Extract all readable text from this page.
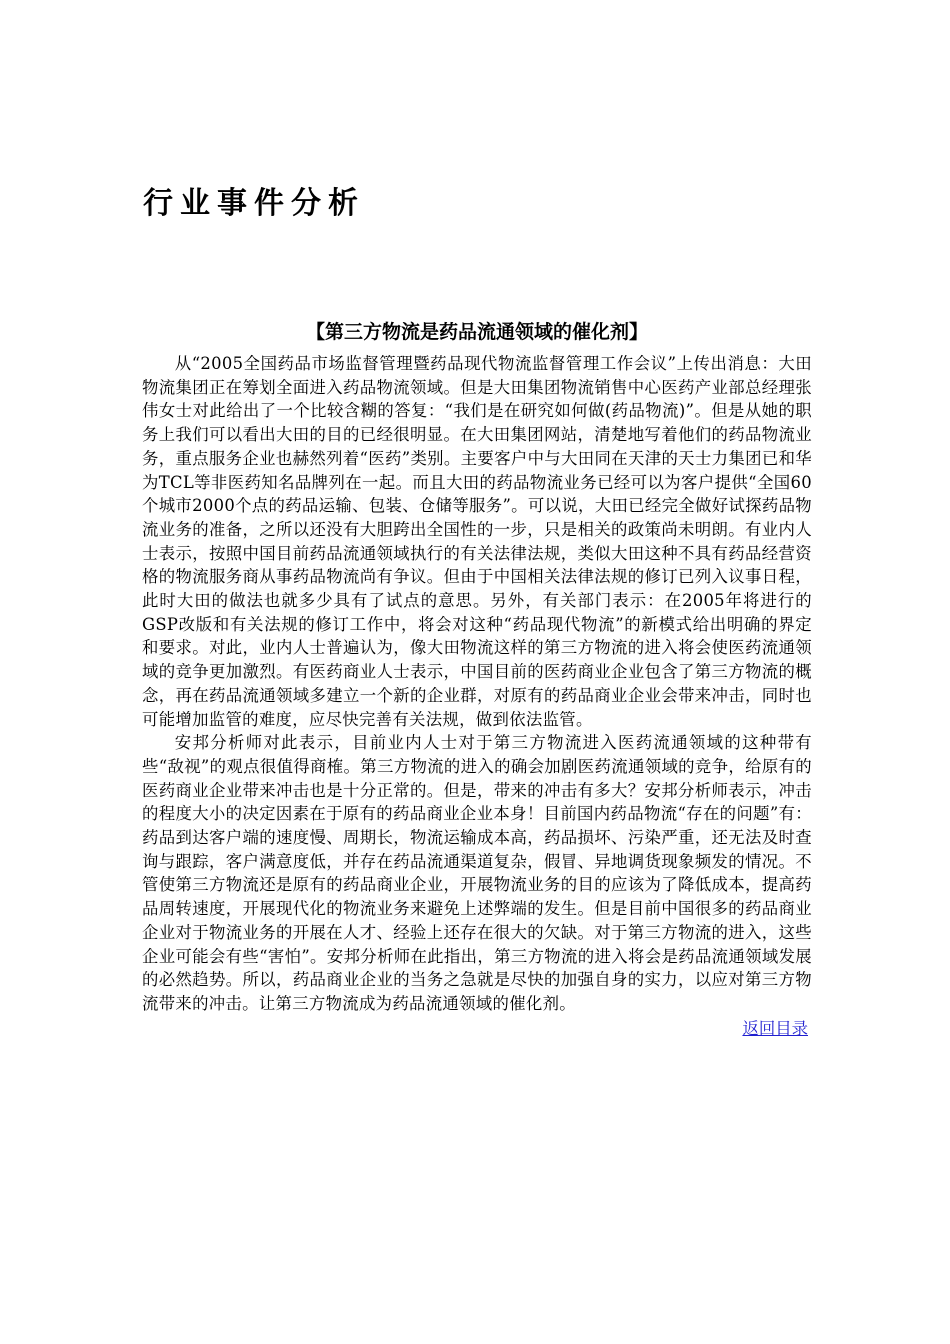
行业事件分析
【第三方物流是药品流通领域的催化剂】

从“2005全国药品市场监督管理暨药品现代物流监督管理工作会议”上传出消息：大田物流集团正在筹划全面进入药品物流领域。但是大田集团物流销售中心医药产业部总经理张伟女士对此给出了一个比较含糊的答复：“我们是在研究如何做(药品物流)”。但是从她的职务上我们可以看出大田的目的已经很明显。在大田集团网站，清楚地写着他们的药品物流业务，重点服务企业也赫然列着“医药”类别。主要客户中与大田同在天津的天士力集团已和华为TCL等非医药知名品牌列在一起。而且大田的药品物流业务已经可以为客户提供“全国60个城市2000个点的药品运输、包装、仓储等服务”。可以说，大田已经完全做好试探药品物流业务的准备，之所以还没有大胆跨出全国性的一步，只是相关的政策尚未明朗。有业内人士表示，按照中国目前药品流通领域执行的有关法律法规，类似大田这种不具有药品经营资格的物流服务商从事药品物流尚有争议。但由于中国相关法律法规的修订已列入议事日程，此时大田的做法也就多少具有了试点的意思。另外，有关部门表示：在2005年将进行的GSP改版和有关法规的修订工作中，将会对这种“药品现代物流”的新模式给出明确的界定和要求。对此，业内人士普遍认为，像大田物流这样的第三方物流的进入将会使医药流通领域的竞争更加激烈。有医药商业人士表示，中国目前的医药商业企业包含了第三方物流的概念，再在药品流通领域多建立一个新的企业群，对原有的药品商业企业会带来冲击，同时也可能增加监管的难度，应尽快完善有关法规，做到依法监管。

安邦分析师对此表示，目前业内人士对于第三方物流进入医药流通领域的这种带有些“敌视”的观点很值得商榷。第三方物流的进入的确会加剧医药流通领域的竞争，给原有的医药商业企业带来冲击也是十分正常的。但是，带来的冲击有多大？安邦分析师表示，冲击的程度大小的决定因素在于原有的药品商业企业本身！目前国内药品物流“存在的问题”有：药品到达客户端的速度慢、周期长，物流运输成本高，药品损坏、污染严重，还无法及时查询与跟踪，客户满意度低，并存在药品流通渠道复杂，假冒、异地调货现象频发的情况。不管使第三方物流还是原有的药品商业企业，开展物流业务的目的应该为了降低成本，提高药品周转速度，开展现代化的物流业务来避免上述弊端的发生。但是目前中国很多的药品商业企业对于物流业务的开展在人才、经验上还存在很大的欠缺。对于第三方物流的进入，这些企业可能会有些“害怕”。安邦分析师在此指出，第三方物流的进入将会是药品流通领域发展的必然趋势。所以，药品商业企业的当务之急就是尽快的加强自身的实力，以应对第三方物流带来的冲击。让第三方物流成为药品流通领域的催化剂。

返回目录
